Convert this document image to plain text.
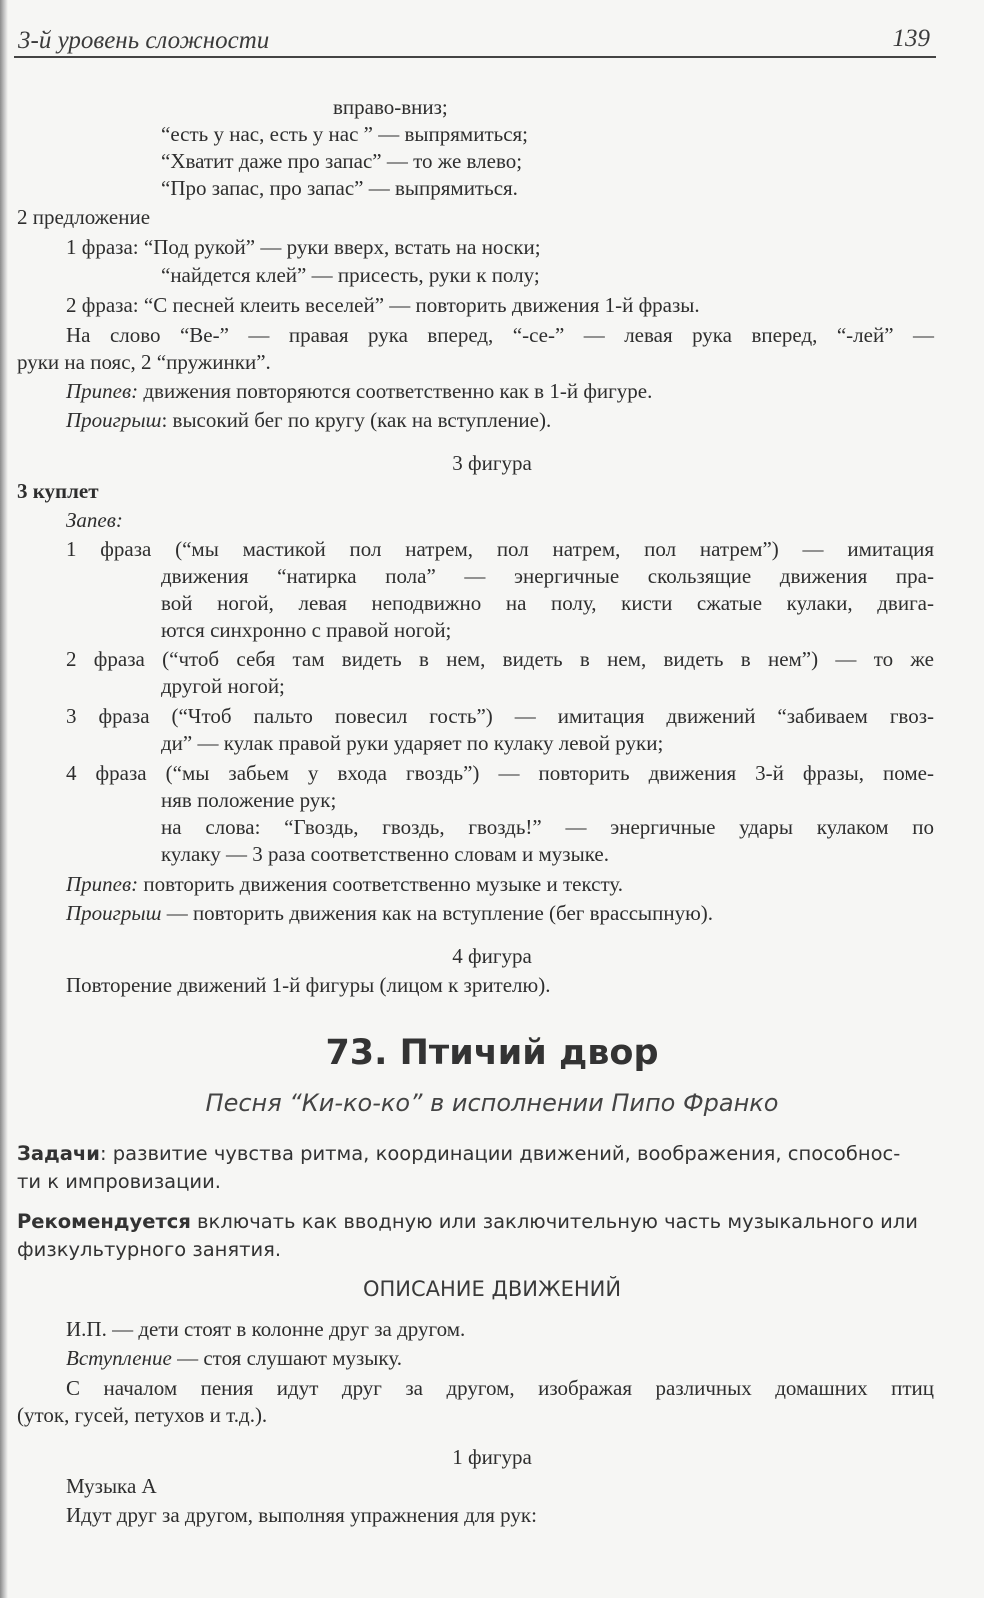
3-й уровень сложности	139
вправо-вниз;
“есть у нас, есть у нас ” — выпрямиться;
“Хватит даже про запас” — то же влево;
“Про запас, про запас” — выпрямиться.
2 предложение
1 фраза: “Под рукой” — руки вверх, встать на носки;
“найдется клей” — присесть, руки к полу;
2 фраза: “С песней клеить веселей” — повторить движения 1-й фразы.
На слово “Ве-” — правая рука вперед, “-се-” — левая рука вперед, “-лей” —
руки на пояс, 2 “пружинки”.
Припев: движения повторяются соответственно как в 1-й фигуре.
Проигрыш: высокий бег по кругу (как на вступление).
3 фигура
3 куплет
Запев:
1 фраза (“мы мастикой пол натрем, пол натрем, пол натрем”) — имитация
движения “натирка пола” — энергичные скользящие движения пра-
вой ногой, левая неподвижно на полу, кисти сжатые кулаки, двига-
ются синхронно с правой ногой;
2 фраза (“чтоб себя там видеть в нем, видеть в нем, видеть в нем”) — то же
другой ногой;
3 фраза (“Чтоб пальто повесил гость”) — имитация движений “забиваем гвоз-
ди” — кулак правой руки ударяет по кулаку левой руки;
4 фраза (“мы забьем у входа гвоздь”) — повторить движения 3-й фразы, поме-
няв положение рук;
на слова: “Гвоздь, гвоздь, гвоздь!” — энергичные удары кулаком по
кулаку — 3 раза соответственно словам и музыке.
Припев: повторить движения соответственно музыке и тексту.
Проигрыш — повторить движения как на вступление (бег врассыпную).
4 фигура
Повторение движений 1-й фигуры (лицом к зрителю).
73. Птичий двор
Песня “Ки-ко-ко” в исполнении Пипо Франко
Задачи: развитие чувства ритма, координации движений, воображения, способнос-
ти к импровизации.
Рекомендуется включать как вводную или заключительную часть музыкального или
физкультурного занятия.
ОПИСАНИЕ ДВИЖЕНИЙ
И.П. — дети стоят в колонне друг за другом.
Вступление — стоя слушают музыку.
С началом пения идут друг за другом, изображая различных домашних птиц
(уток, гусей, петухов и т.д.).
1 фигура
Музыка А
Идут друг за другом, выполняя упражнения для рук:
